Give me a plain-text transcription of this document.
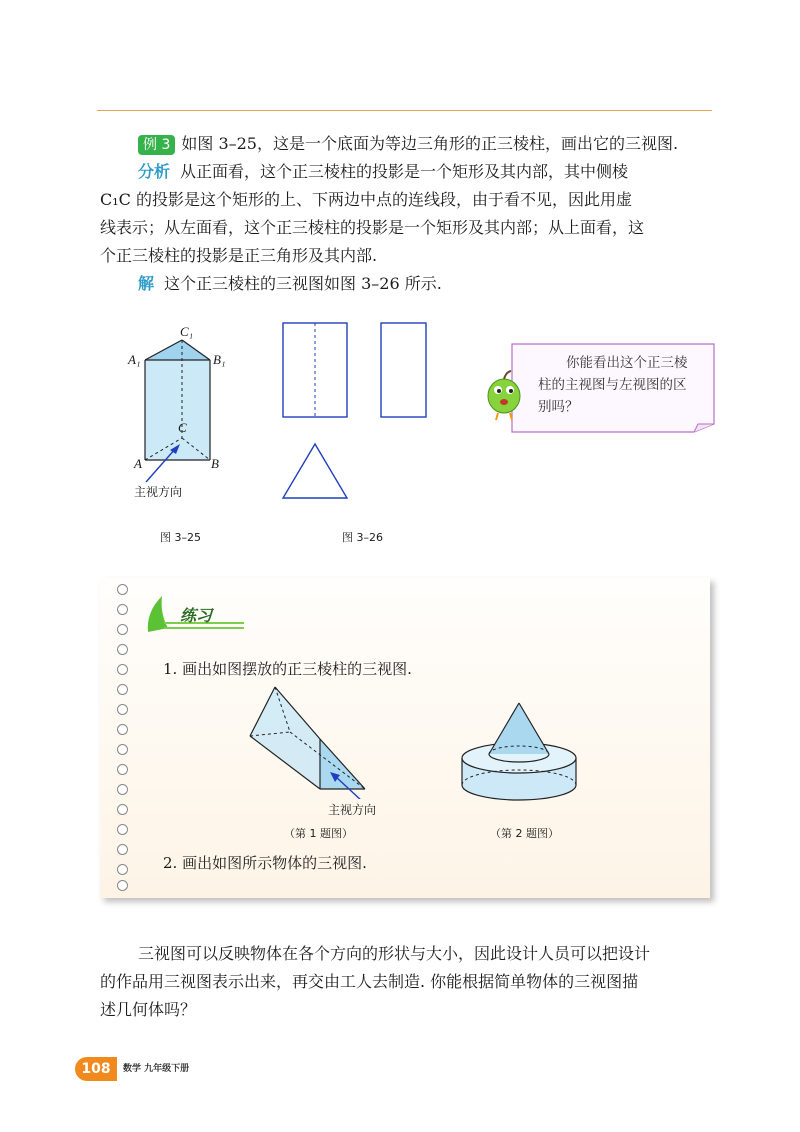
例 3 如图 3–25，这是一个底面为等边三角形的正三棱柱，画出它的三视图.
分析 从正面看，这个正三棱柱的投影是一个矩形及其内部，其中侧棱
C₁C 的投影是这个矩形的上、下两边中点的连线段，由于看不见，因此用虚
线表示；从左面看，这个正三棱柱的投影是一个矩形及其内部；从上面看，这
个正三棱柱的投影是正三角形及其内部.
解 这个正三棱柱的三视图如图 3–26 所示.
C₁
A₁	B₁
C
A	B
主视方向
图 3–25	图 3–26
你能看出这个正三棱
柱的主视图与左视图的区
别吗？
练习
1. 画出如图摆放的正三棱柱的三视图.
主视方向
（第 1 题图）	（第 2 题图）
2. 画出如图所示物体的三视图.
三视图可以反映物体在各个方向的形状与大小，因此设计人员可以把设计
的作品用三视图表示出来，再交由工人去制造. 你能根据简单物体的三视图描
述几何体吗？
108	数学 九年级下册
